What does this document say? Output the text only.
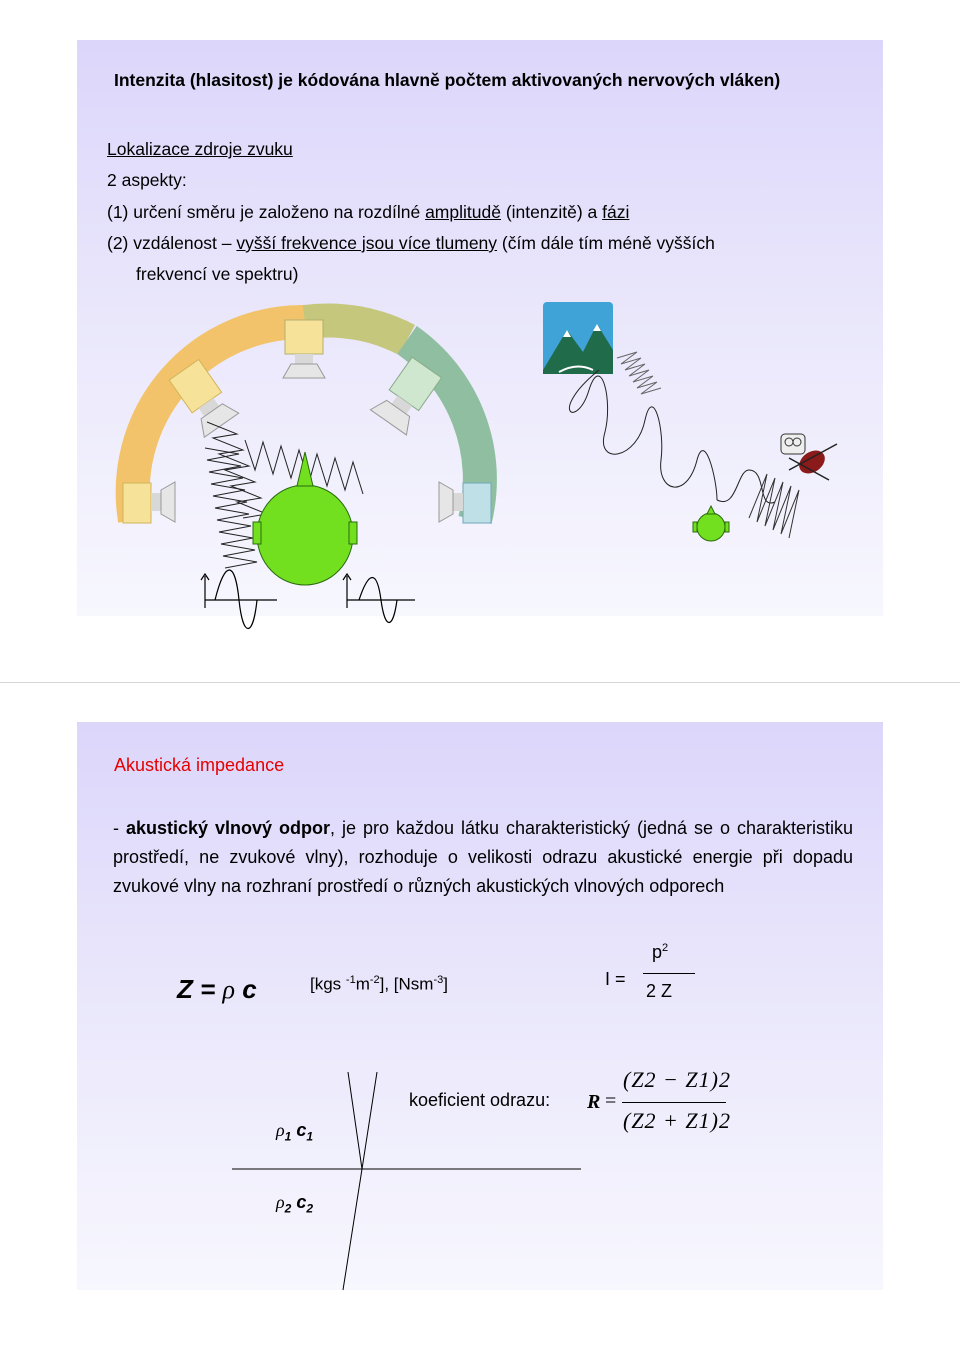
Intenzita (hlasitost) je kódována hlavně počtem aktivovaných nervových vláken)
Lokalizace zdroje zvuku
2 aspekty:
(1) určení směru je založeno na rozdílné amplitudě (intenzitě) a fázi
(2) vzdálenost – vyšší frekvence jsou více tlumeny (čím dále tím méně vyšších
frekvencí ve spektru)
Akustická impedance
- akustický vlnový odpor, je pro každou látku charakteristický (jedná se o charakteristiku prostředí, ne zvukové vlny), rozhoduje o velikosti odrazu akustické energie při dopadu zvukové vlny na rozhraní prostředí o různých akustických vlnových odporech
Z = ρ c	[kgs $^{-1}m^{-2}$], [Nsm$^{-3}$]	I =
$p^2$
2 Z
$\rho_1$ $c_1$
$\rho_2$ $c_2$
koeficient odrazu: R =
(Z2 − Z1)2
(Z2 + Z1)2
